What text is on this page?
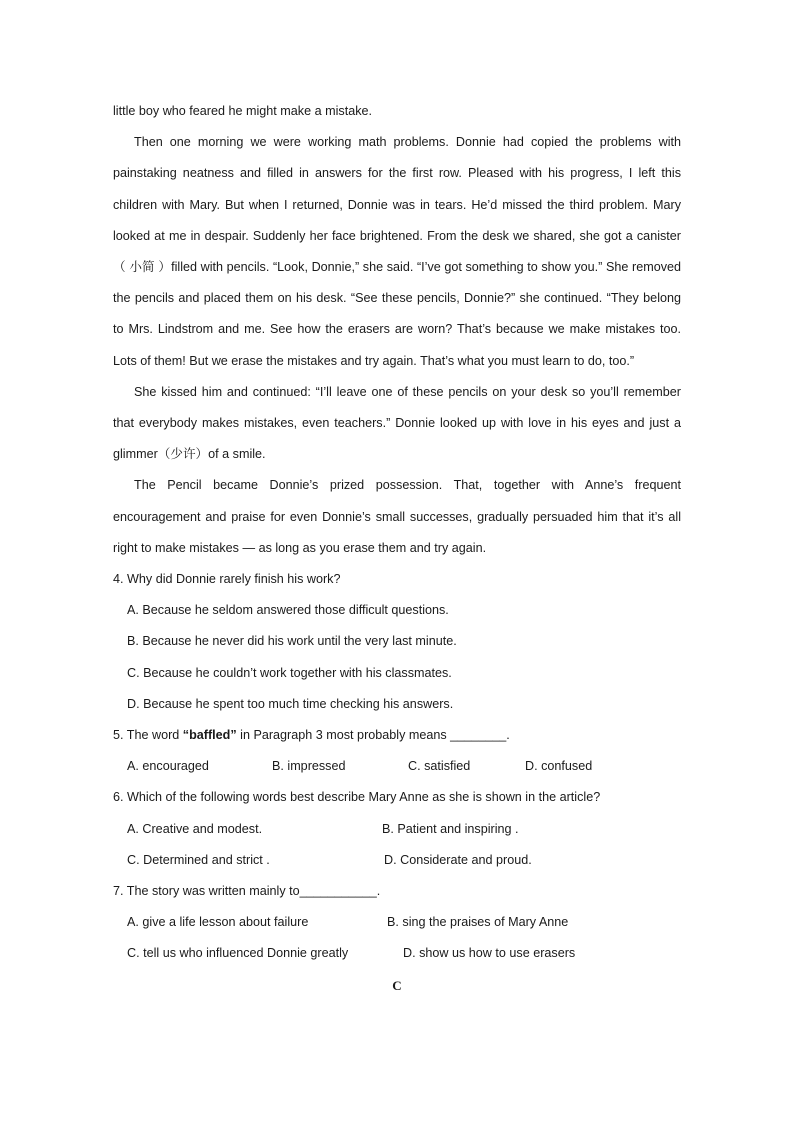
little boy who feared he might make a mistake.

Then one morning we were working math problems. Donnie had copied the problems with painstaking neatness and filled in answers for the first row. Pleased with his progress, I left this children with Mary. But when I returned, Donnie was in tears. He’d missed the third problem. Mary looked at me in despair. Suddenly her face brightened. From the desk we shared, she got a canister（ 小简 ）filled with pencils. “Look, Donnie,” she said. “I’ve got something to show you.” She removed the pencils and placed them on his desk. “See these pencils, Donnie?” she continued. “They belong to Mrs. Lindstrom and me. See how the erasers are worn? That’s because we make mistakes too. Lots of them! But we erase the mistakes and try again. That’s what you must learn to do, too.”

She kissed him and continued: “I’ll leave one of these pencils on your desk so you’ll remember that everybody makes mistakes, even teachers.” Donnie looked up with love in his eyes and just a glimmer（少许）of a smile.

The Pencil became Donnie’s prized possession. That, together with Anne’s frequent encouragement and praise for even Donnie’s small successes, gradually persuaded him that it’s all right to make mistakes — as long as you erase them and try again.

4. Why did Donnie rarely finish his work?

A. Because he seldom answered those difficult questions.

B. Because he never did his work until the very last minute.

C. Because he couldn’t work together with his classmates.

D. Because he spent too much time checking his answers.

5. The word “baffled” in Paragraph 3 most probably means ________.

A. encouraged	B. impressed	C. satisfied	D. confused

6. Which of the following words best describe Mary Anne as she is shown in the article?

A. Creative and modest.	B. Patient and inspiring .
C. Determined and strict .	D. Considerate and proud.

7. The story was written mainly to___________.

A. give a life lesson about failure	B. sing the praises of Mary Anne
C. tell us who influenced Donnie greatly	D. show us how to use erasers

C
